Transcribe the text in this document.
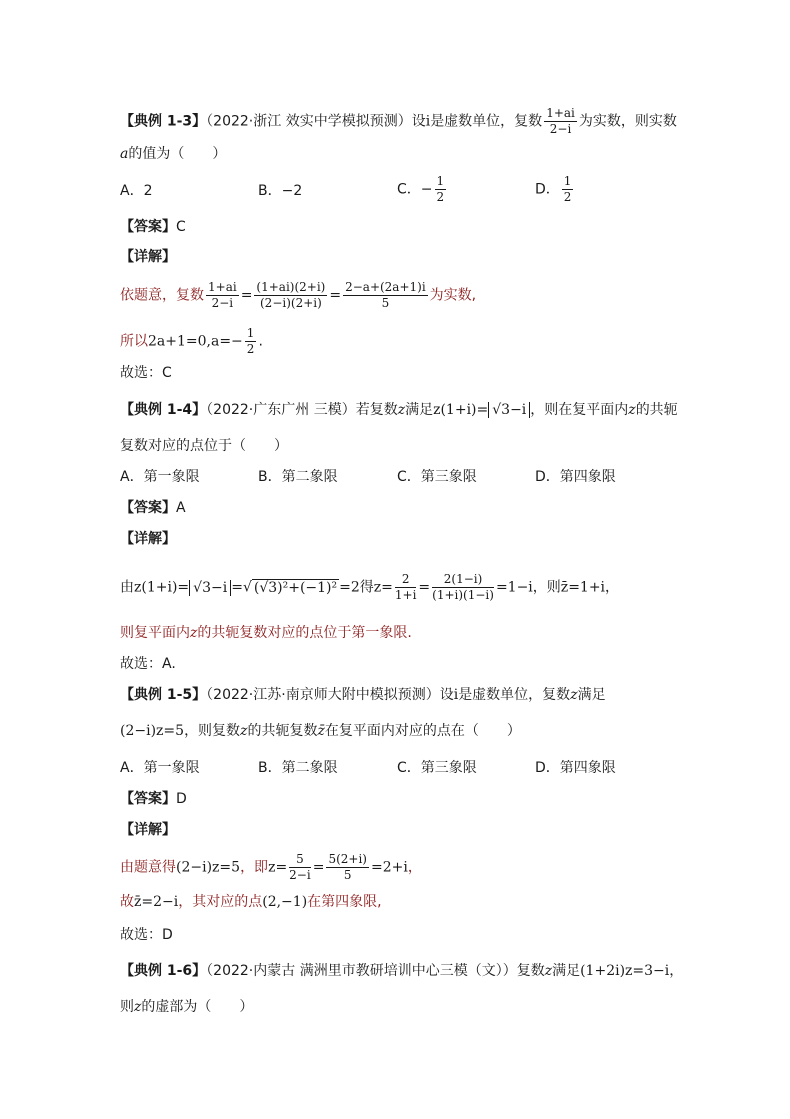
【典例 1-3】（2022·浙江 效实中学模拟预测）设i是虚数单位，复数 $\frac{1+ai}{2-i}$ 为实数，则实数
a的值为（　　）
A．2	B．−2	C．− $\frac{1}{2}$	D． $\frac{1}{2}$
【答案】C
【详解】
依题意，复数 $\frac{1+ai}{2-i} = \frac{(1+ai)(2+i)}{(2-i)(2+i)} = \frac{2-a+(2a+1)i}{5}$ 为实数,
所以$2a+1=0,a=- \frac{1}{2}$ .
故选：C
【典例 1-4】（2022·广东广州 三模）若复数z满足z(1+i)= √3−i ，则在复平面内z的共轭
复数对应的点位于（　　）
A．第一象限	B．第二象限	C．第三象限	D．第四象限
【答案】A
【详解】
由z(1+i)= √3−i =√ (√3)²+(−1)² =2得$z= \frac{2}{1+i} = \frac{2(1-i)}{(1+i)(1-i)} =1-i$，则z̄=1+i，
则复平面内z的共轭复数对应的点位于第一象限.
故选：A.
【典例 1-5】（2022·江苏·南京师大附中模拟预测）设i是虚数单位，复数z满足
(2−i)z=5，则复数z的共轭复数z̄在复平面内对应的点在（　　）
A．第一象限	B．第二象限	C．第三象限	D．第四象限
【答案】D
【详解】
由题意得(2−i)z=5，即$z= \frac{5}{2-i} = \frac{5(2+i)}{5} =2+i$，
故z̄=2−i，其对应的点(2,−1)在第四象限,
故选：D
【典例 1-6】（2022·内蒙古 满洲里市教研培训中心三模（文））复数z满足(1+2i)z=3−i，
则z的虚部为（　　）
